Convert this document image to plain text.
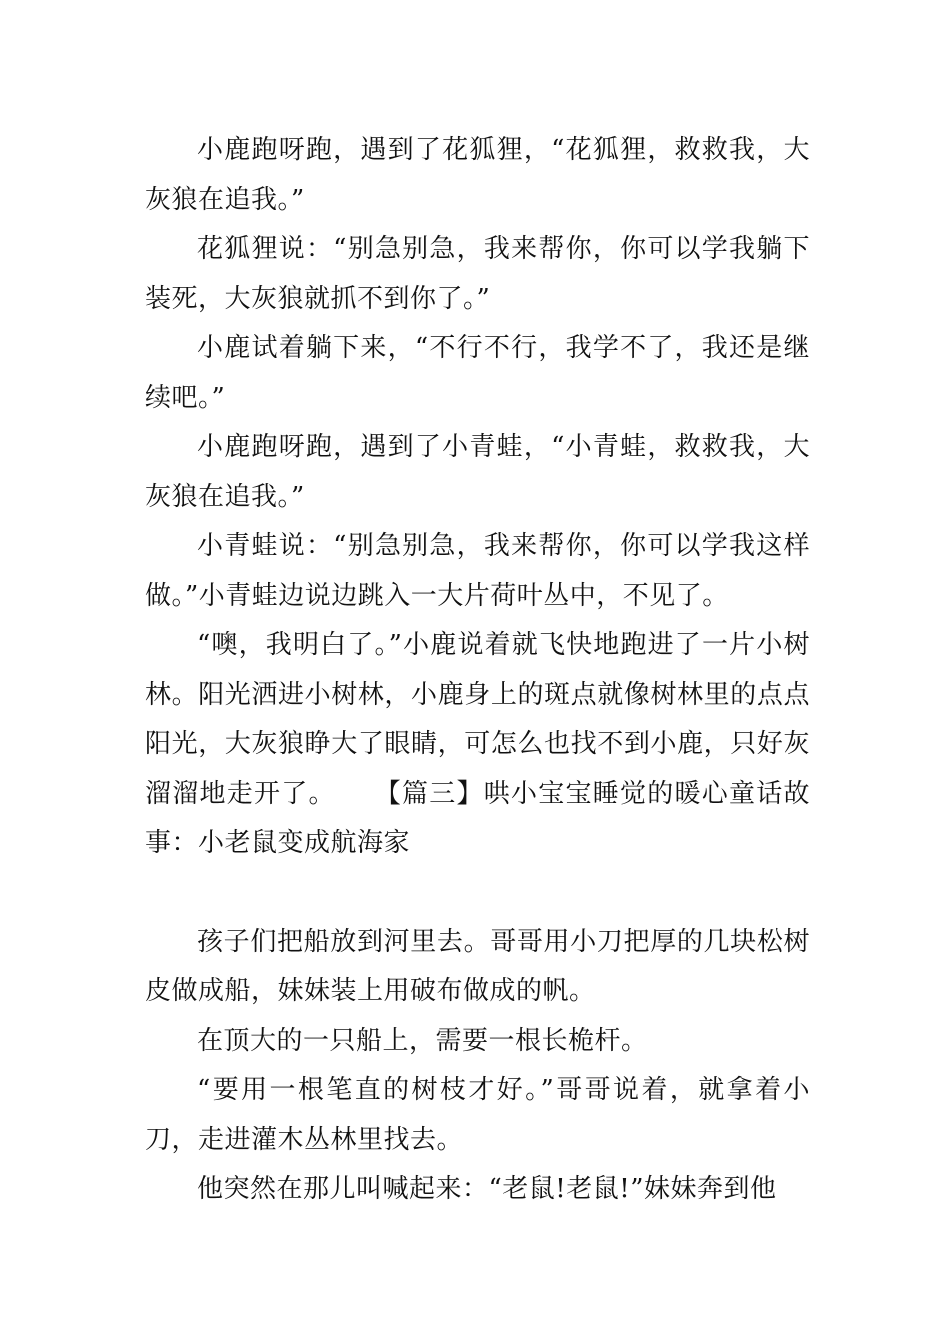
小鹿跑呀跑，遇到了花狐狸，“花狐狸，救救我，大灰狼在追我。”

花狐狸说：“别急别急，我来帮你，你可以学我躺下装死，大灰狼就抓不到你了。”

小鹿试着躺下来，“不行不行，我学不了，我还是继续吧。”

小鹿跑呀跑，遇到了小青蛙，“小青蛙，救救我，大灰狼在追我。”

小青蛙说：“别急别急，我来帮你，你可以学我这样做。”小青蛙边说边跳入一大片荷叶丛中，不见了。

“噢，我明白了。”小鹿说着就飞快地跑进了一片小树林。阳光洒进小树林，小鹿身上的斑点就像树林里的点点阳光，大灰狼睁大了眼睛，可怎么也找不到小鹿，只好灰溜溜地走开了。 【篇三】哄小宝宝睡觉的暖心童话故事：小老鼠变成航海家

孩子们把船放到河里去。哥哥用小刀把厚的几块松树皮做成船，妹妹装上用破布做成的帆。

在顶大的一只船上，需要一根长桅杆。

“要用一根笔直的树枝才好。”哥哥说着，就拿着小刀，走进灌木丛林里找去。

他突然在那儿叫喊起来：“老鼠!老鼠!”妹妹奔到他
